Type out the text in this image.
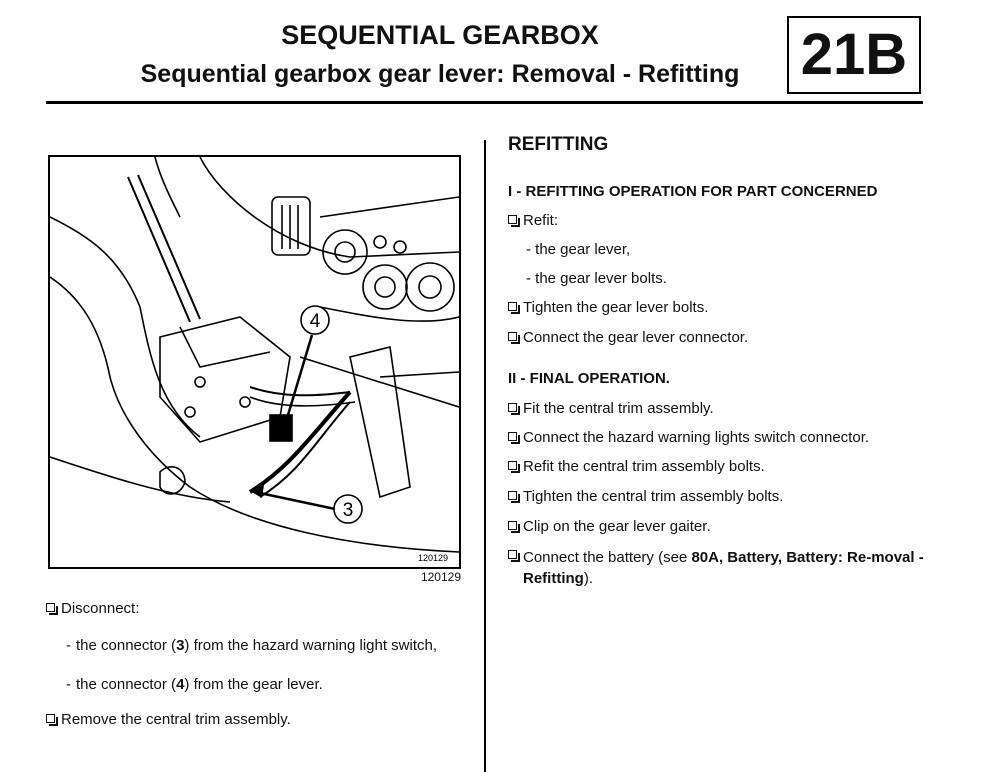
SEQUENTIAL GEARBOX
Sequential gearbox gear lever: Removal - Refitting	21B
4
3
120129
120129
Disconnect:
- the connector (3) from the hazard warning light switch,
- the connector (4) from the gear lever.
Remove the central trim assembly.
REFITTING
I - REFITTING OPERATION FOR PART CONCERNED
Refit:
- the gear lever,
- the gear lever bolts.
Tighten the gear lever bolts.
Connect the gear lever connector.
II - FINAL OPERATION.
Fit the central trim assembly.
Connect the hazard warning lights switch connector.
Refit the central trim assembly bolts.
Tighten the central trim assembly bolts.
Clip on the gear lever gaiter.
Connect the battery (see 80A, Battery, Battery: Re-moval - Refitting).
